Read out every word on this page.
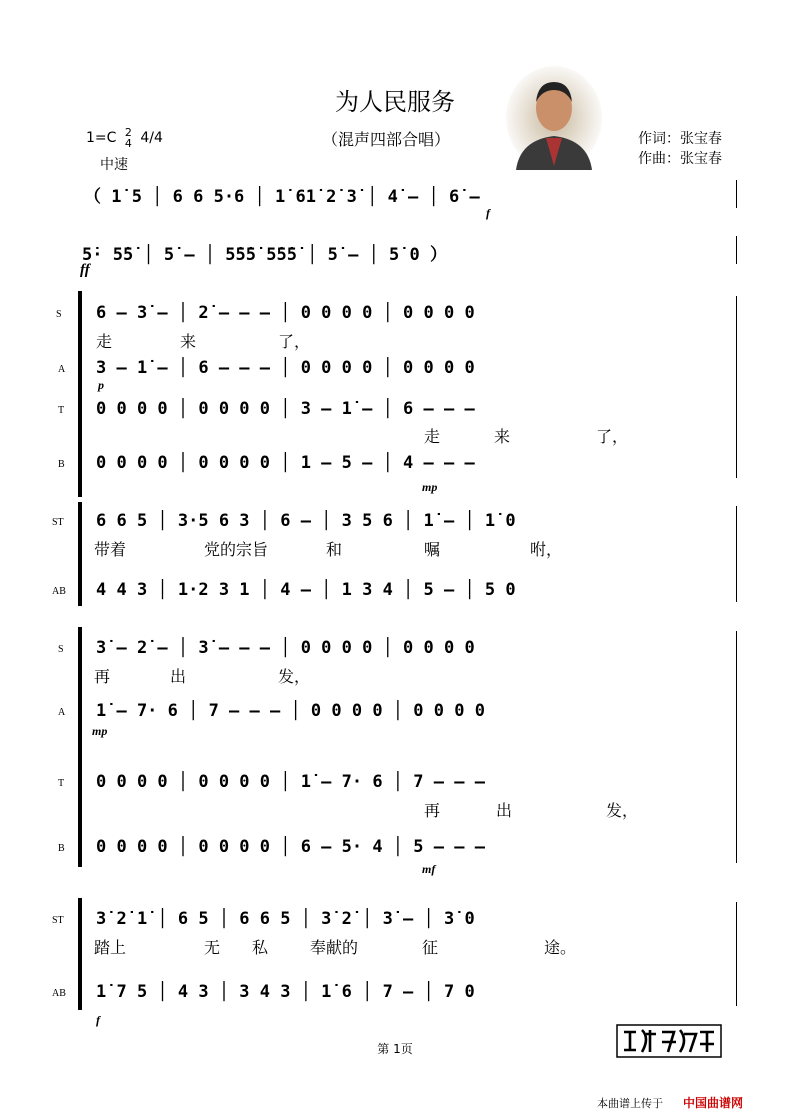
为人民服务
（混声四部合唱）
1=C 2
4 4/4
中速
作词：张宝春
作曲：张宝春
（ 1̇ 5 │ 6 6 5·6 │ 1̇ 61̇ 2̇ 3̇ │ 4̇ – │ 6̇ –
f
5̇· 5̇5̇ │ 5̇ – │ 5̇5̇5̇ 5̇5̇5̇ │ 5̇ – │ 5̇ 0 ）
ff
S 6 – 3̇ – │ 2̇ – – – │ 0 0 0 0 │ 0 0 0 0
走	来	了，
A 3 – 1̇ – │ 6 – – – │ 0 0 0 0 │ 0 0 0 0
p
T 0 0 0 0 │ 0 0 0 0 │ 3 – 1̇ – │ 6 – – –
走	来	了，
B 0 0 0 0 │ 0 0 0 0 │ 1 – 5 – │ 4 – – –
mp
ST 6 6 5 │ 3·5 6 3 │ 6 – │ 3 5 6 │ 1̇ – │ 1̇ 0
带着	党的宗旨	和	嘱	咐，
AB 4 4 3 │ 1·2 3 1 │ 4 – │ 1 3 4 │ 5 – │ 5 0
S 3̇ – 2̇ – │ 3̇ – – – │ 0 0 0 0 │ 0 0 0 0
再	出	发，
A 1̇ – 7· 6 │ 7 – – – │ 0 0 0 0 │ 0 0 0 0
mp
T 0 0 0 0 │ 0 0 0 0 │ 1̇ – 7· 6 │ 7 – – –
再	出	发，
B 0 0 0 0 │ 0 0 0 0 │ 6 – 5· 4 │ 5 – – –
mf
ST 3̇ 2̇ 1̇ │ 6 5 │ 6 6 5 │ 3̇ 2̇ │ 3̇ – │ 3̇ 0
踏上	无 私	奉献的	征	途。
AB 1̇ 7 5 │ 4 3 │ 3 4 3 │ 1̇ 6 │ 7 – │ 7 0
f
第 1页
本曲谱上传于 中国曲谱网
